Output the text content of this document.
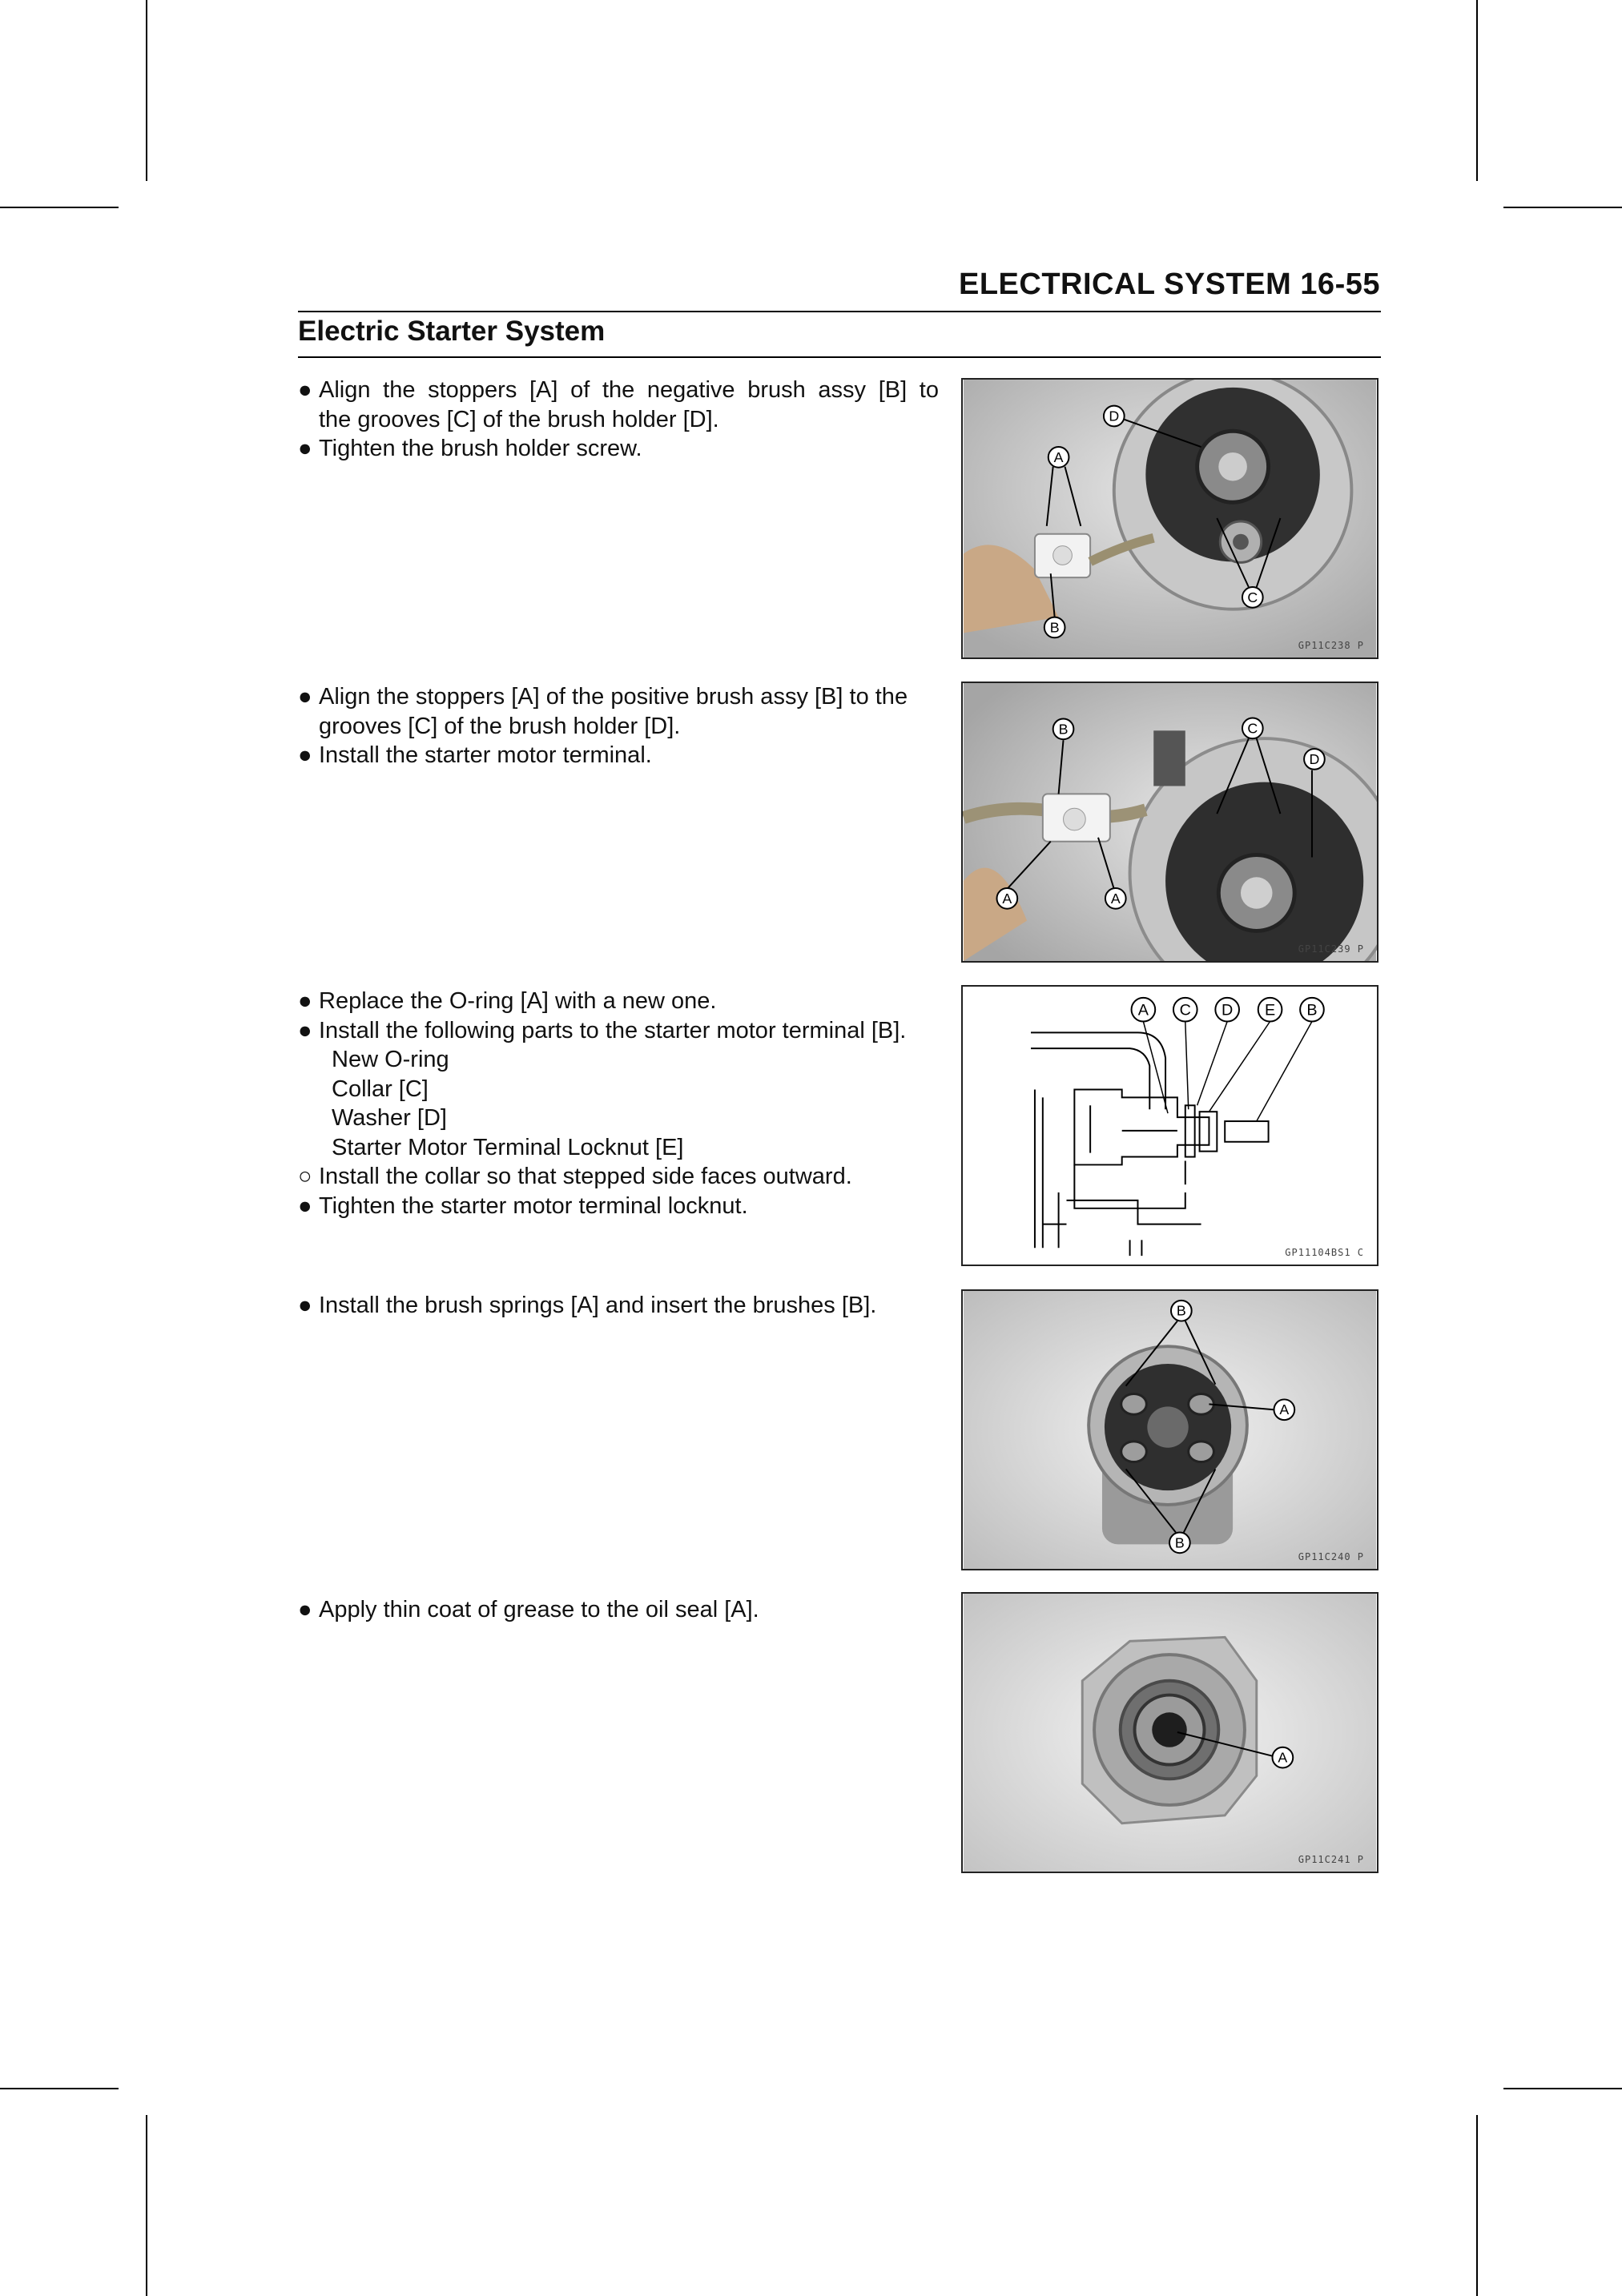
ELECTRICAL SYSTEM 16-55
Electric Starter System
● Align the stoppers [A] of the negative brush assy [B] to
the grooves [C] of the brush holder [D].
● Tighten the brush holder screw.	A
B
C
D
GP11C238 P
● Align the stoppers [A] of the positive brush assy [B] to the
grooves [C] of the brush holder [D].
● Install the starter motor terminal.
B
A	A
C
D
GP11C239 P
● Replace the O-ring [A] with a new one.
● Install the following parts to the starter motor terminal [B].
New O-ring
Collar [C]
Washer [D]
Starter Motor Terminal Locknut [E]
○ Install the collar so that stepped side faces outward.
● Tighten the starter motor terminal locknut.
A C D E B
GP11104BS1 C
● Install the brush springs [A] and insert the brushes [B].	B
A
B
GP11C240 P
● Apply thin coat of grease to the oil seal [A].
A
GP11C241 P
